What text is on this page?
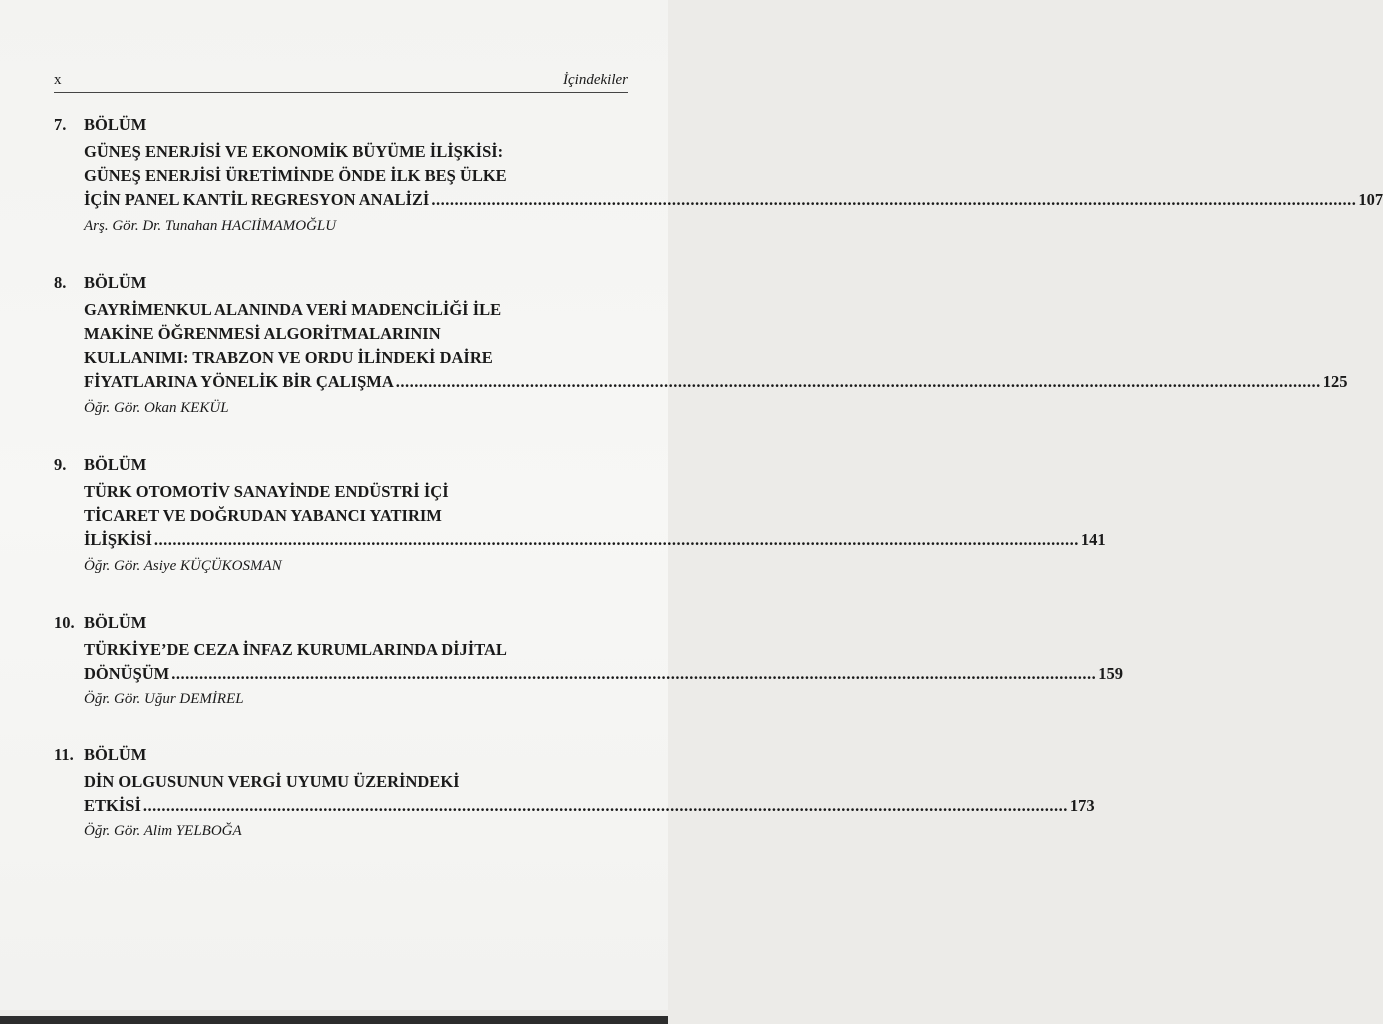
x	İçindekiler
7. BÖLÜM
GÜNEŞ ENERJİSİ VE EKONOMİK BÜYÜME İLİŞKİSİ:
GÜNEŞ ENERJİSİ ÜRETİMİNDE ÖNDE İLK BEŞ ÜLKE
İÇİN PANEL KANTİL REGRESYON ANALİZİ ........................................................................................................................................................................................................ 107
Arş. Gör. Dr. Tunahan HACIİMAMOĞLU
8. BÖLÜM
GAYRİMENKUL ALANINDA VERİ MADENCİLİĞİ İLE
MAKİNE ÖĞRENMESİ ALGORİTMALARININ
KULLANIMI: TRABZON VE ORDU İLİNDEKİ DAİRE
FİYATLARINA YÖNELİK BİR ÇALIŞMA ........................................................................................................................................................................................................ 125
Öğr. Gör. Okan KEKÜL
9. BÖLÜM
TÜRK OTOMOTİV SANAYİNDE ENDÜSTRİ İÇİ
TİCARET VE DOĞRUDAN YABANCI YATIRIM
İLİŞKİSİ ........................................................................................................................................................................................................ 141
Öğr. Gör. Asiye KÜÇÜKOSMAN
10. BÖLÜM
TÜRKİYE’DE CEZA İNFAZ KURUMLARINDA DİJİTAL
DÖNÜŞÜM ........................................................................................................................................................................................................ 159
Öğr. Gör. Uğur DEMİREL
11. BÖLÜM
DİN OLGUSUNUN VERGİ UYUMU ÜZERİNDEKİ
ETKİSİ ........................................................................................................................................................................................................ 173
Öğr. Gör. Alim YELBOĞA
